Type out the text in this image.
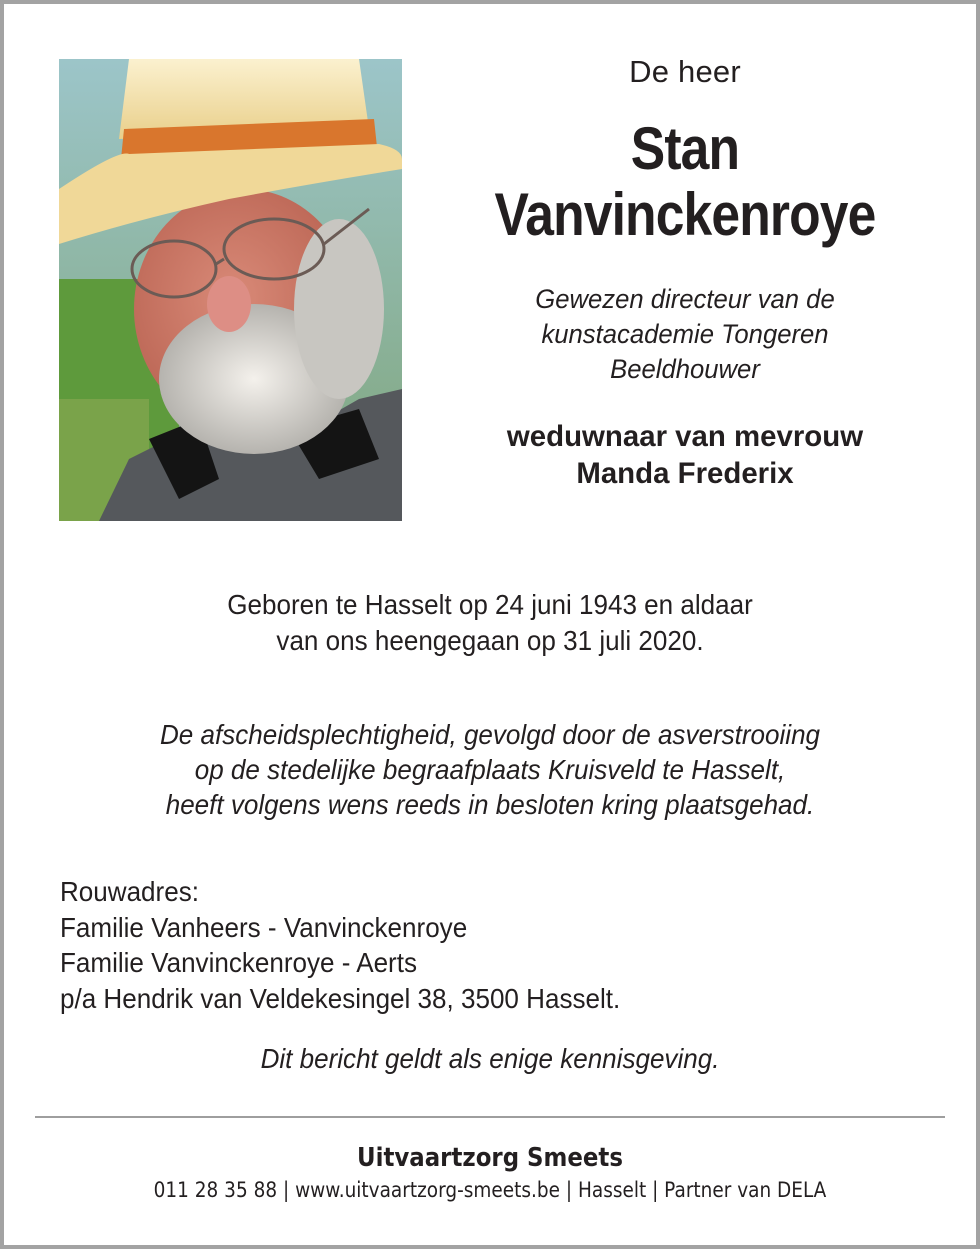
De heer
Stan
Vanvinckenroye
Gewezen directeur van de
kunstacademie Tongeren
Beeldhouwer
weduwnaar van mevrouw
Manda Frederix
Geboren te Hasselt op 24 juni 1943 en aldaar
van ons heengegaan op 31 juli 2020.
De afscheidsplechtigheid, gevolgd door de asverstrooiing
op de stedelijke begraafplaats Kruisveld te Hasselt,
heeft volgens wens reeds in besloten kring plaatsgehad.
Rouwadres:
Familie Vanheers - Vanvinckenroye
Familie Vanvinckenroye - Aerts
p/a Hendrik van Veldekesingel 38, 3500 Hasselt.
Dit bericht geldt als enige kennisgeving.
Uitvaartzorg Smeets
011 28 35 88 | www.uitvaartzorg-smeets.be | Hasselt | Partner van DELA
